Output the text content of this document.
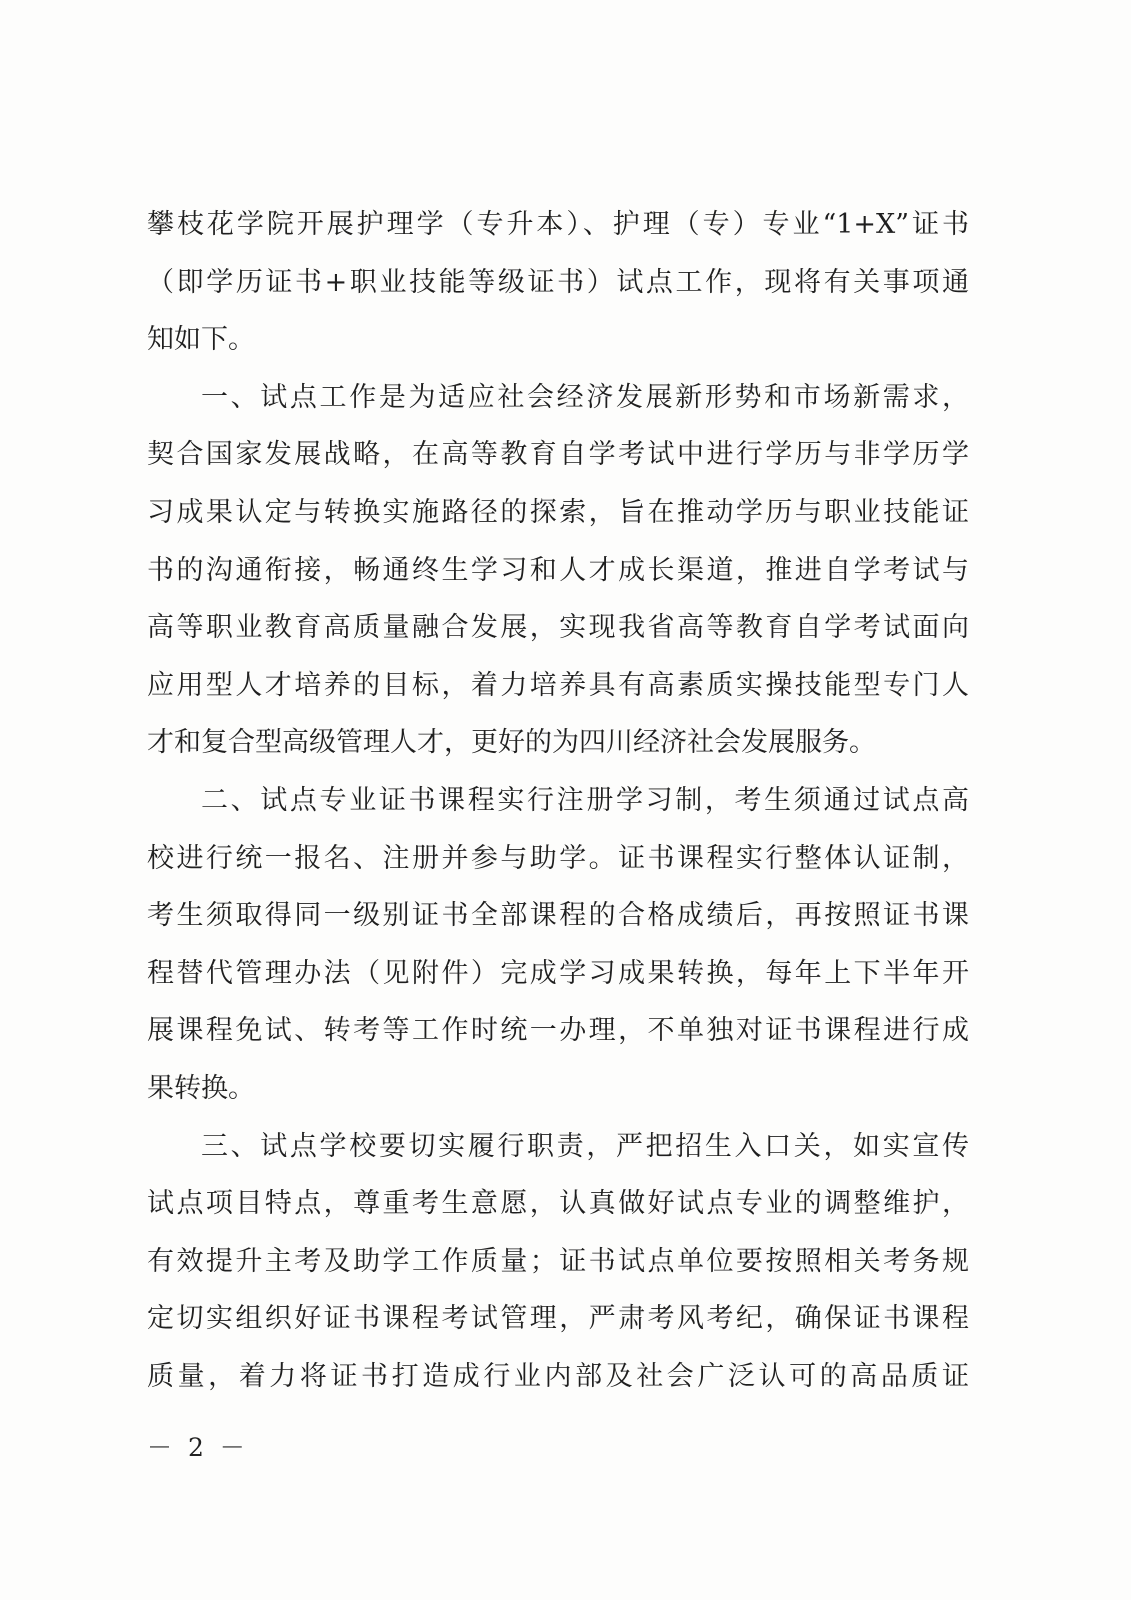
攀枝花学院开展护理学（专升本）、护理（专）专业“1+X”证书
（即学历证书+职业技能等级证书）试点工作，现将有关事项通
知如下。
一、试点工作是为适应社会经济发展新形势和市场新需求，
契合国家发展战略，在高等教育自学考试中进行学历与非学历学
习成果认定与转换实施路径的探索，旨在推动学历与职业技能证
书的沟通衔接，畅通终生学习和人才成长渠道，推进自学考试与
高等职业教育高质量融合发展，实现我省高等教育自学考试面向
应用型人才培养的目标，着力培养具有高素质实操技能型专门人
才和复合型高级管理人才，更好的为四川经济社会发展服务。
二、试点专业证书课程实行注册学习制，考生须通过试点高
校进行统一报名、注册并参与助学。证书课程实行整体认证制，
考生须取得同一级别证书全部课程的合格成绩后，再按照证书课
程替代管理办法（见附件）完成学习成果转换，每年上下半年开
展课程免试、转考等工作时统一办理，不单独对证书课程进行成
果转换。
三、试点学校要切实履行职责，严把招生入口关，如实宣传
试点项目特点，尊重考生意愿，认真做好试点专业的调整维护，
有效提升主考及助学工作质量；证书试点单位要按照相关考务规
定切实组织好证书课程考试管理，严肃考风考纪，确保证书课程
质量，着力将证书打造成行业内部及社会广泛认可的高品质证
－ 2 －
